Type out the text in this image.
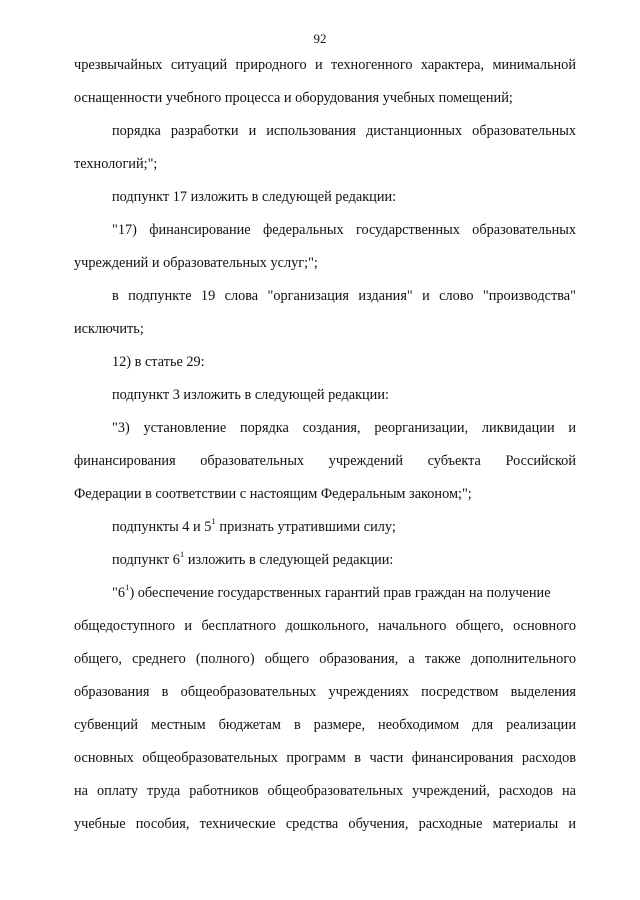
92
чрезвычайных ситуаций природного и техногенного характера, минимальной
оснащенности учебного процесса и оборудования учебных помещений;
порядка разработки и использования дистанционных образовательных
технологий;";
подпункт 17 изложить в следующей редакции:
"17) финансирование федеральных государственных образовательных
учреждений и образовательных услуг;";
в подпункте 19 слова "организация издания" и слово "производства"
исключить;
12) в статье 29:
подпункт 3 изложить в следующей редакции:
"3) установление порядка создания, реорганизации, ликвидации и
финансирования образовательных учреждений субъекта Российской
Федерации в соответствии с настоящим Федеральным законом;";
подпункты 4 и $5^1$ признать утратившими силу;
подпункт $6^1$ изложить в следующей редакции:
"$6^1$) обеспечение государственных гарантий прав граждан на получение
общедоступного и бесплатного дошкольного, начального общего, основного
общего, среднего (полного) общего образования, а также дополнительного
образования в общеобразовательных учреждениях посредством выделения
субвенций местным бюджетам в размере, необходимом для реализации
основных общеобразовательных программ в части финансирования расходов
на оплату труда работников общеобразовательных учреждений, расходов на
учебные пособия, технические средства обучения, расходные материалы и
